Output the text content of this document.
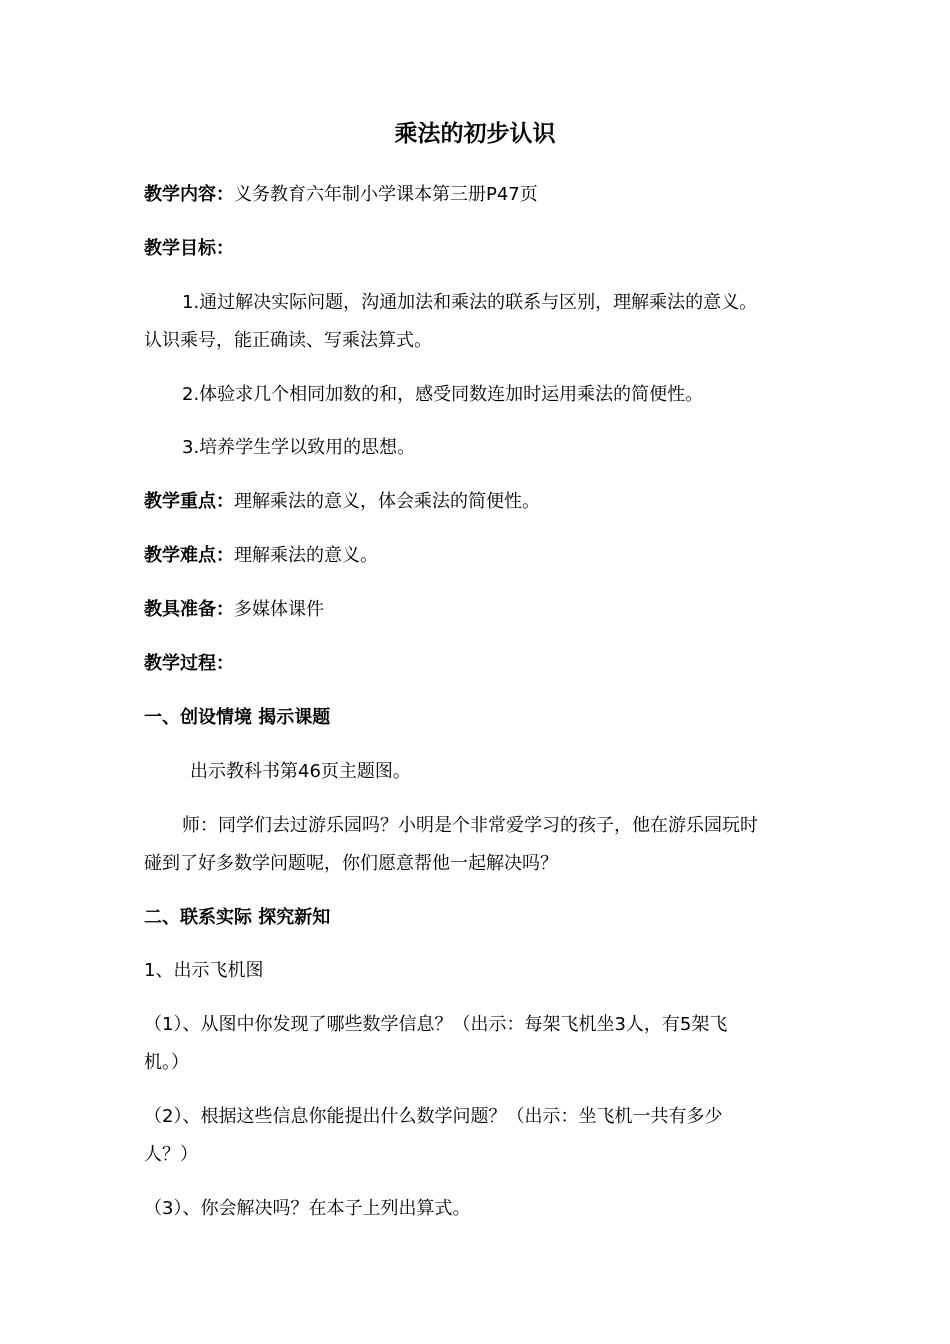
乘法的初步认识
教学内容：义务教育六年制小学课本第三册P47页
教学目标：
1.通过解决实际问题，沟通加法和乘法的联系与区别，理解乘法的意义。
认识乘号，能正确读、写乘法算式。
2.体验求几个相同加数的和，感受同数连加时运用乘法的简便性。
3.培养学生学以致用的思想。
教学重点：理解乘法的意义，体会乘法的简便性。
教学难点：理解乘法的意义。
教具准备：多媒体课件
教学过程：
一、创设情境 揭示课题
出示教科书第46页主题图。
师：同学们去过游乐园吗？小明是个非常爱学习的孩子，他在游乐园玩时
碰到了好多数学问题呢，你们愿意帮他一起解决吗？
二、联系实际 探究新知
1、出示飞机图
（1）、从图中你发现了哪些数学信息？（出示：每架飞机坐3人，有5架飞
机。）
（2）、根据这些信息你能提出什么数学问题？（出示：坐飞机一共有多少
人？）
（3）、你会解决吗？在本子上列出算式。
